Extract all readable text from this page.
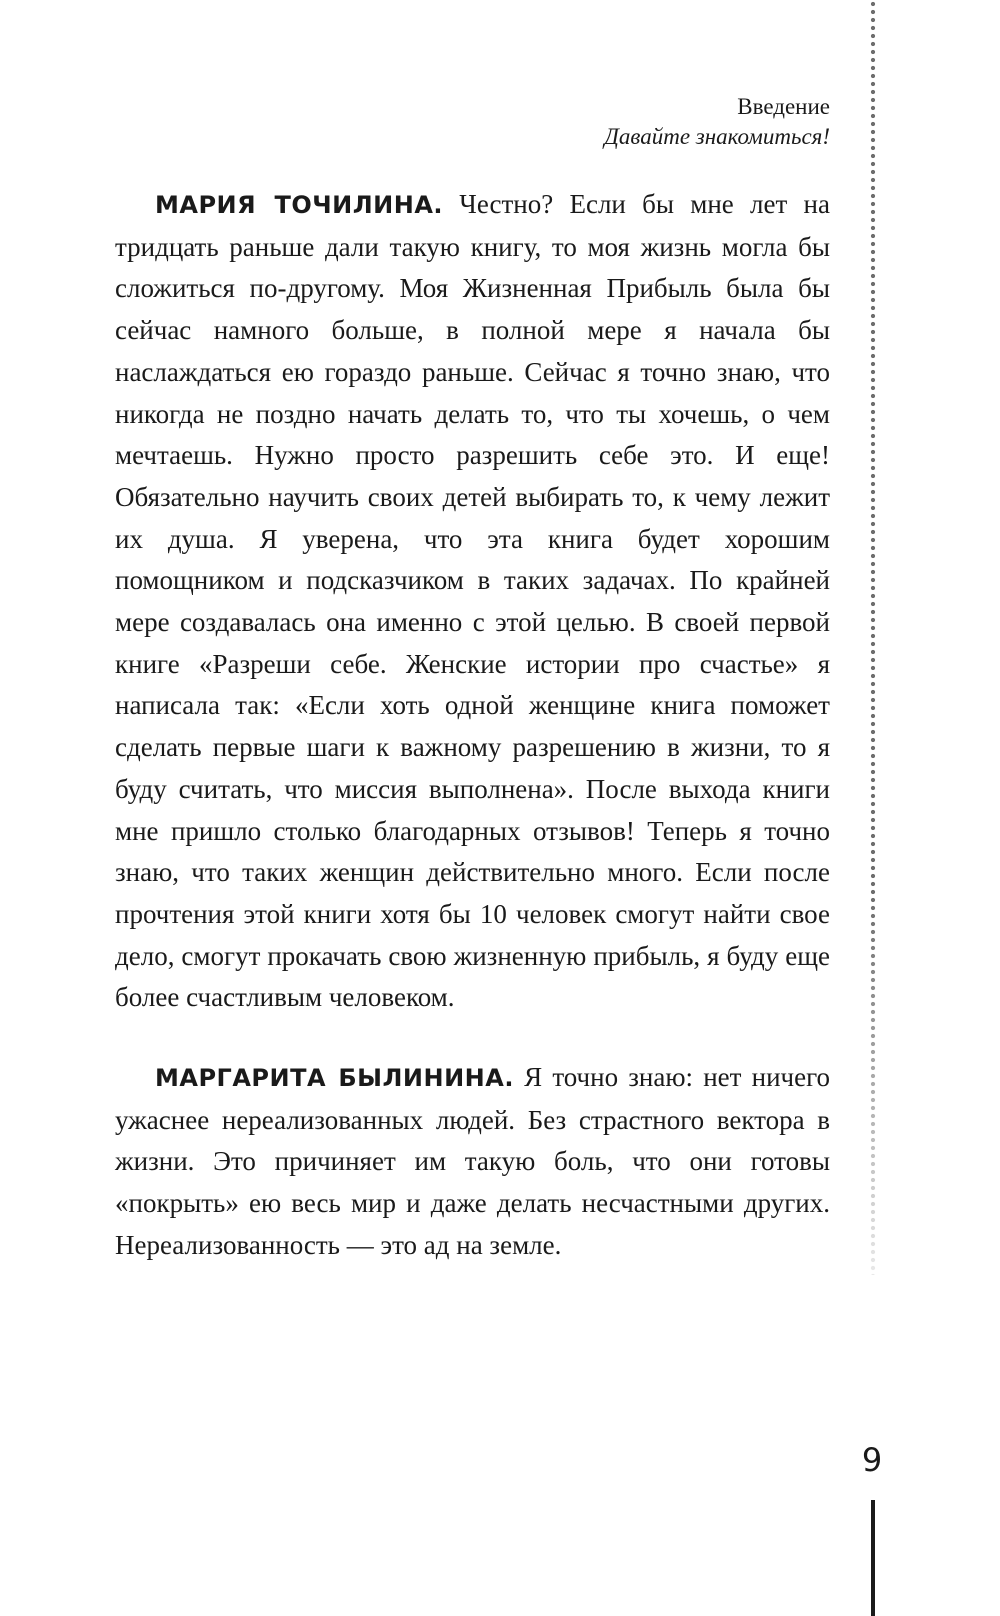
Введение
Давайте знакомиться!

МАРИЯ ТОЧИЛИНА. Честно? Если бы мне лет на тридцать раньше дали такую книгу, то моя жизнь могла бы сложиться по-другому. Моя Жизненная Прибыль была бы сейчас намного больше, в полной мере я начала бы наслаждаться ею гораздо раньше. Сейчас я точно знаю, что никогда не поздно начать делать то, что ты хочешь, о чем мечтаешь. Нужно просто разрешить себе это. И еще! Обязательно научить своих детей выбирать то, к чему лежит их душа. Я уверена, что эта книга будет хорошим помощником и подсказчиком в таких задачах. По крайней мере создавалась она именно с этой целью. В своей первой книге «Разреши себе. Женские истории про счастье» я написала так: «Если хоть одной женщине книга поможет сделать первые шаги к важному разрешению в жизни, то я буду считать, что миссия выполнена». После выхода книги мне пришло столько благодарных отзывов! Теперь я точно знаю, что таких женщин действительно много. Если после прочтения этой книги хотя бы 10 человек смогут найти свое дело, смогут прокачать свою жизненную прибыль, я буду еще более счастливым человеком.

МАРГАРИТА БЫЛИНИНА. Я точно знаю: нет ничего ужаснее нереализованных людей. Без страстного вектора в жизни. Это причиняет им такую боль, что они готовы «покрыть» ею весь мир и даже делать несчастными других. Нереализованность — это ад на земле.

9
